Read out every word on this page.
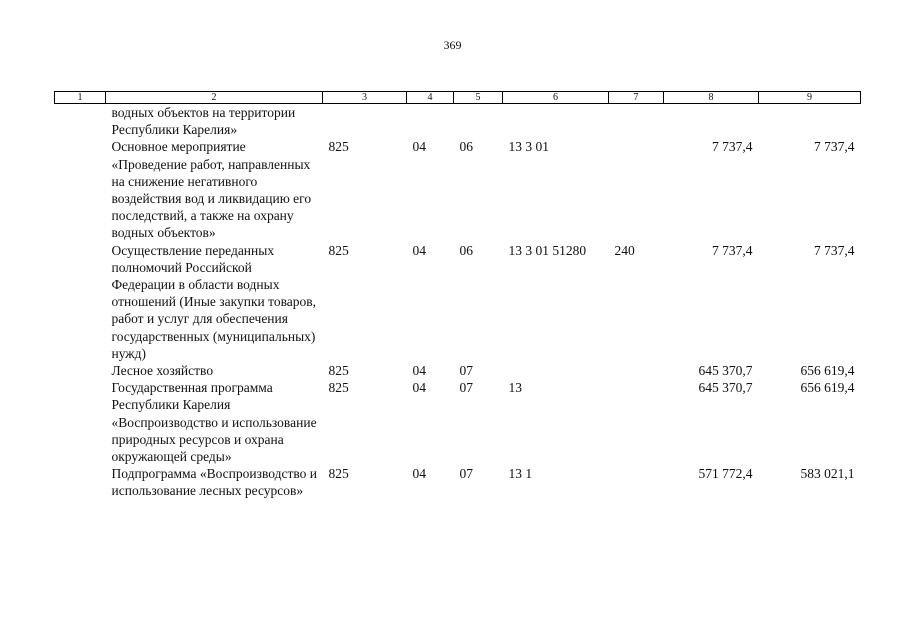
369
1	2	3	4	5	6	7	8	9
	водных объектов на территории Республики Карелия»							
	Основное мероприятие «Проведение работ, направленных на снижение негативного воздействия вод и ликвидацию его последствий, а также на охрану водных объектов»	825	04	06	13 3 01		7 737,4	7 737,4
	Осуществление переданных полномочий Российской Федерации в области водных отношений (Иные закупки товаров, работ и услуг для обеспечения государственных (муниципальных) нужд)	825	04	06	13 3 01 51280	240	7 737,4	7 737,4
	Лесное хозяйство	825	04	07			645 370,7	656 619,4
	Государственная программа Республики Карелия «Воспроизводство и использование природных ресурсов и охрана окружающей среды»	825	04	07	13		645 370,7	656 619,4
	Подпрограмма «Воспроизводство и использование лесных ресурсов»	825	04	07	13 1		571 772,4	583 021,1
